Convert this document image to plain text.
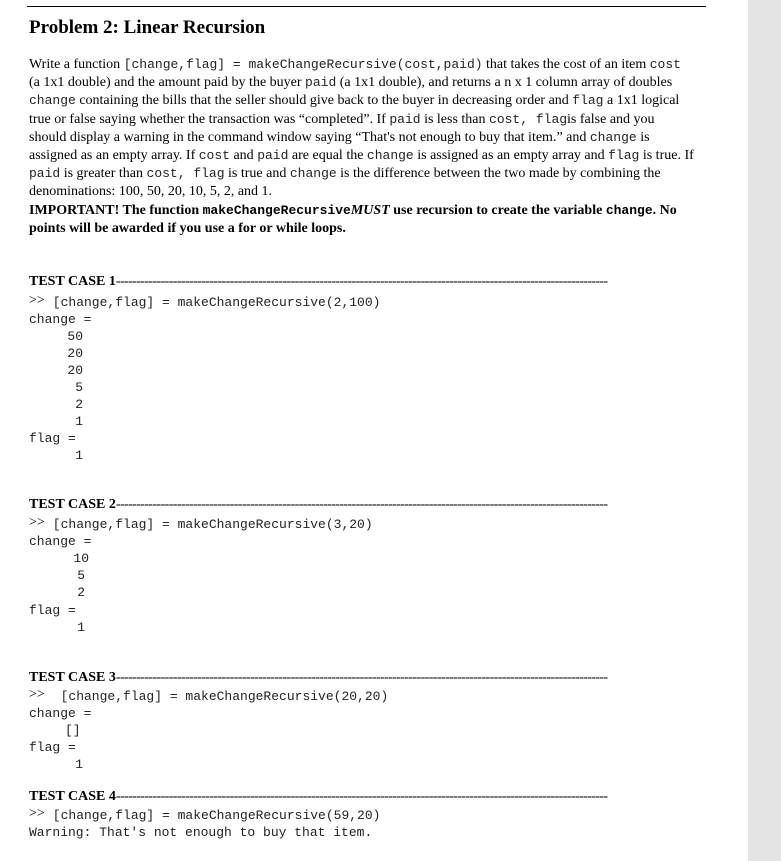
Problem 2: Linear Recursion
Write a function [change,flag] = makeChangeRecursive(cost,paid) that takes the cost of an item cost (a 1x1 double) and the amount paid by the buyer paid (a 1x1 double), and returns a n x 1 column array of doubles change containing the bills that the seller should give back to the buyer in decreasing order and flag a 1x1 logical true or false saying whether the transaction was “completed”. If paid is less than cost, flagis false and you should display a warning in the command window saying “That's not enough to buy that item.” and change is assigned as an empty array. If cost and paid are equal the change is assigned as an empty array and flag is true. If paid is greater than cost, flag is true and change is the difference between the two made by combining the denominations: 100, 50, 20, 10, 5, 2, and 1.
IMPORTANT! The function makeChangeRecursiveMUST use recursion to create the variable change. No points will be awarded if you use a for or while loops.
TEST CASE 1-------------------------------------------------------------------------------------------------------------------------
>> [change,flag] = makeChangeRecursive(2,100)
change =
50
20
20
5
2
1
flag =
1
TEST CASE 2-------------------------------------------------------------------------------------------------------------------------
>> [change,flag] = makeChangeRecursive(3,20)
change =
10
5
2
flag =
1
TEST CASE 3-------------------------------------------------------------------------------------------------------------------------
>> [change,flag] = makeChangeRecursive(20,20)
change =
[]
flag =
1
TEST CASE 4-------------------------------------------------------------------------------------------------------------------------
>> [change,flag] = makeChangeRecursive(59,20)
Warning: That's not enough to buy that item.
